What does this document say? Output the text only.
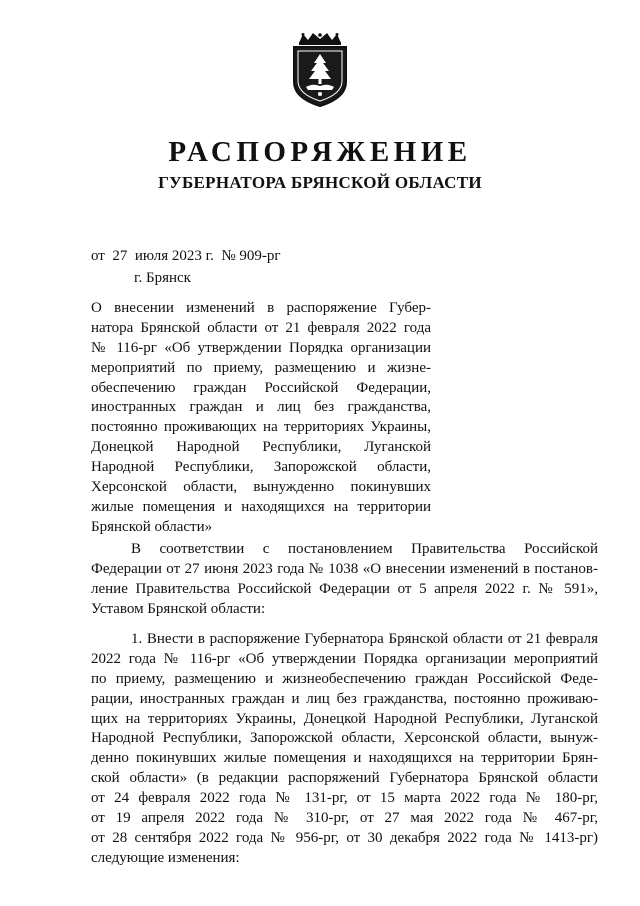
РАСПОРЯЖЕНИЕ
ГУБЕРНАТОРА БРЯНСКОЙ ОБЛАСТИ
от  27  июля 2023 г.  № 909-рг
г. Брянск
О внесении изменений в распоряжение Губер-
натора Брянской области от 21 февраля 2022 года
№ 116-рг «Об утверждении Порядка организации
мероприятий по приему, размещению и жизне-
обеспечению граждан Российской Федерации,
иностранных граждан и лиц без гражданства,
постоянно проживающих на территориях Украины,
Донецкой Народной Республики, Луганской
Народной Республики, Запорожской области,
Херсонской области, вынужденно покинувших
жилые помещения и находящихся на территории
Брянской области»
В соответствии с постановлением Правительства Российской
Федерации от 27 июня 2023 года № 1038 «О внесении изменений в постанов-
ление Правительства Российской Федерации от 5 апреля 2022 г. № 591»,
Уставом Брянской области:
1. Внести в распоряжение Губернатора Брянской области от 21 февраля
2022 года № 116-рг «Об утверждении Порядка организации мероприятий
по приему, размещению и жизнеобеспечению граждан Российской Феде-
рации, иностранных граждан и лиц без гражданства, постоянно проживаю-
щих на территориях Украины, Донецкой Народной Республики, Луганской
Народной Республики, Запорожской области, Херсонской области, вынуж-
денно покинувших жилые помещения и находящихся на территории Брян-
ской области» (в редакции распоряжений Губернатора Брянской области
от 24 февраля 2022 года № 131-рг, от 15 марта 2022 года № 180-рг,
от 19 апреля 2022 года № 310-рг, от 27 мая 2022 года № 467-рг,
от 28 сентября 2022 года № 956-рг, от 30 декабря 2022 года № 1413-рг)
следующие изменения:
